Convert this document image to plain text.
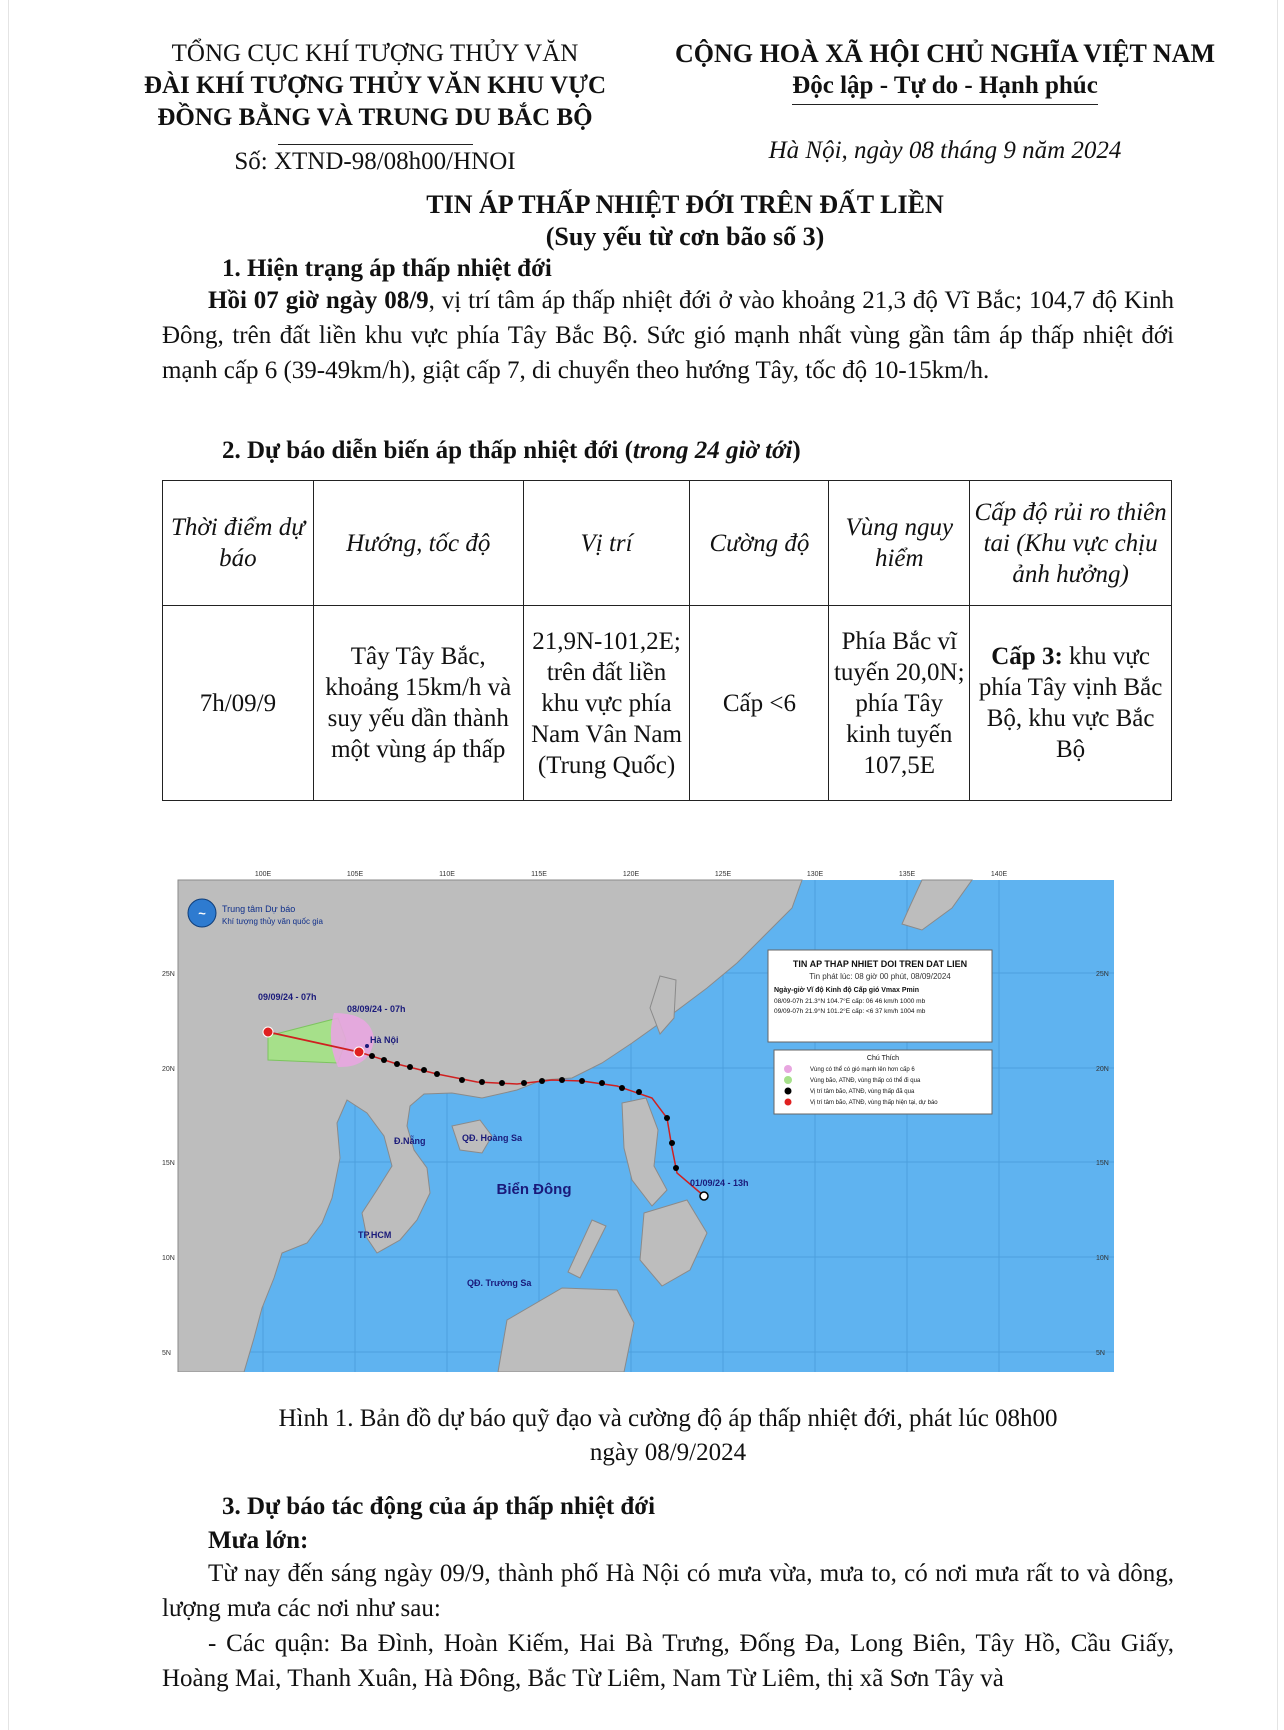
TỔNG CỤC KHÍ TƯỢNG THỦY VĂN
ĐÀI KHÍ TƯỢNG THỦY VĂN KHU VỰC
ĐỒNG BẰNG VÀ TRUNG DU BẮC BỘ
Số: XTND-98/08h00/HNOI
CỘNG HOÀ XÃ HỘI CHỦ NGHĨA VIỆT NAM
Độc lập - Tự do - Hạnh phúc
Hà Nội, ngày 08 tháng 9 năm 2024
TIN ÁP THẤP NHIỆT ĐỚI TRÊN ĐẤT LIỀN
(Suy yếu từ cơn bão số 3)
1. Hiện trạng áp thấp nhiệt đới
Hồi 07 giờ ngày 08/9, vị trí tâm áp thấp nhiệt đới ở vào khoảng 21,3 độ Vĩ Bắc; 104,7 độ Kinh Đông, trên đất liền khu vực phía Tây Bắc Bộ. Sức gió mạnh nhất vùng gần tâm áp thấp nhiệt đới mạnh cấp 6 (39-49km/h), giật cấp 7, di chuyển theo hướng Tây, tốc độ 10-15km/h.
2. Dự báo diễn biến áp thấp nhiệt đới (trong 24 giờ tới)
Thời điểm dự báo	Hướng, tốc độ	Vị trí	Cường độ	Vùng nguy hiểm	Cấp độ rủi ro thiên tai (Khu vực chịu ảnh hưởng)
7h/09/9	Tây Tây Bắc, khoảng 15km/h và suy yếu dần thành một vùng áp thấp	21,9N-101,2E; trên đất liền khu vực phía Nam Vân Nam (Trung Quốc)	Cấp <6	Phía Bắc vĩ tuyến 20,0N; phía Tây kinh tuyến 107,5E	Cấp 3: khu vực phía Tây vịnh Bắc Bộ, khu vực Bắc Bộ
~ Trung tâm Dự báo
Khí tượng thủy văn quốc gia
100E	105E	110E	115E	120E	125E	130E	135E	140E
25N
20N
15N
10N
5N
25N
20N
15N
10N
5N
09/09/24 - 07h
08/09/24 - 07h
Hà Nội
Đ.Nẵng	QĐ. Hoàng Sa
TP.HCM
QĐ. Trường Sa
01/09/24 - 13h
Biển Đông
TIN AP THAP NHIET DOI TREN DAT LIEN
Tin phát lúc: 08 giờ 00 phút, 08/09/2024
Ngày-giờ Vĩ độ Kinh độ Cấp gió Vmax Pmin
08/09-07h 21.3°N 104.7°E cấp: 06 46 km/h 1000 mb
09/09-07h 21.9°N 101.2°E cấp: <6 37 km/h 1004 mb
Chú Thích
Vùng có thể có gió mạnh lên hơn cấp 6
Vùng bão, ATNĐ, vùng thấp có thể đi qua
Vị trí tâm bão, ATNĐ, vùng thấp đã qua
Vị trí tâm bão, ATNĐ, vùng thấp hiện tại, dự báo
Hình 1. Bản đồ dự báo quỹ đạo và cường độ áp thấp nhiệt đới, phát lúc 08h00
ngày 08/9/2024
3. Dự báo tác động của áp thấp nhiệt đới
Mưa lớn:
Từ nay đến sáng ngày 09/9, thành phố Hà Nội có mưa vừa, mưa to, có nơi mưa rất to và dông, lượng mưa các nơi như sau:
- Các quận: Ba Đình, Hoàn Kiếm, Hai Bà Trưng, Đống Đa, Long Biên, Tây Hồ, Cầu Giấy, Hoàng Mai, Thanh Xuân, Hà Đông, Bắc Từ Liêm, Nam Từ Liêm, thị xã Sơn Tây và
